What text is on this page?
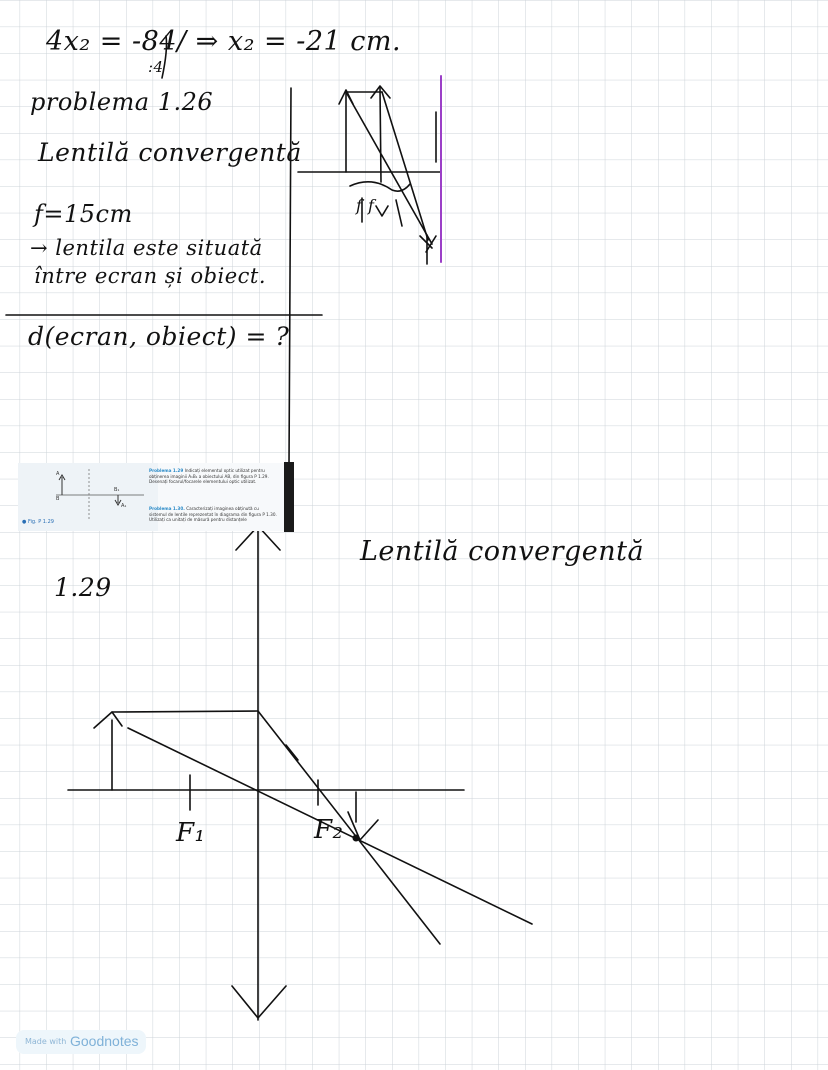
4x₂ = -84/ ⇒ x₂ = -21 cm.
:4
problema 1.26
Lentilă convergentă
f=15cm
→ lentila este situată
între ecran și obiect.
d(ecran, obiect) = ?
1.29
Lentilă convergentă
F₁	F₂
f f
A
B
B₁
A₁
● Fig. P 1.29
Problema 1.29 Indicați elementul optic utilizat pentru obținerea imaginii A₁B₁ a obiectului AB, din figura P 1.29. Desenați focarul/focarele elementului optic utilizat.
Problema 1.30. Caracterizați imaginea obținută cu sistemul de lentile reprezentat în diagrama din figura P 1.30. Utilizați ca unitați de măsură pentru distanțele
Made with Goodnotes
